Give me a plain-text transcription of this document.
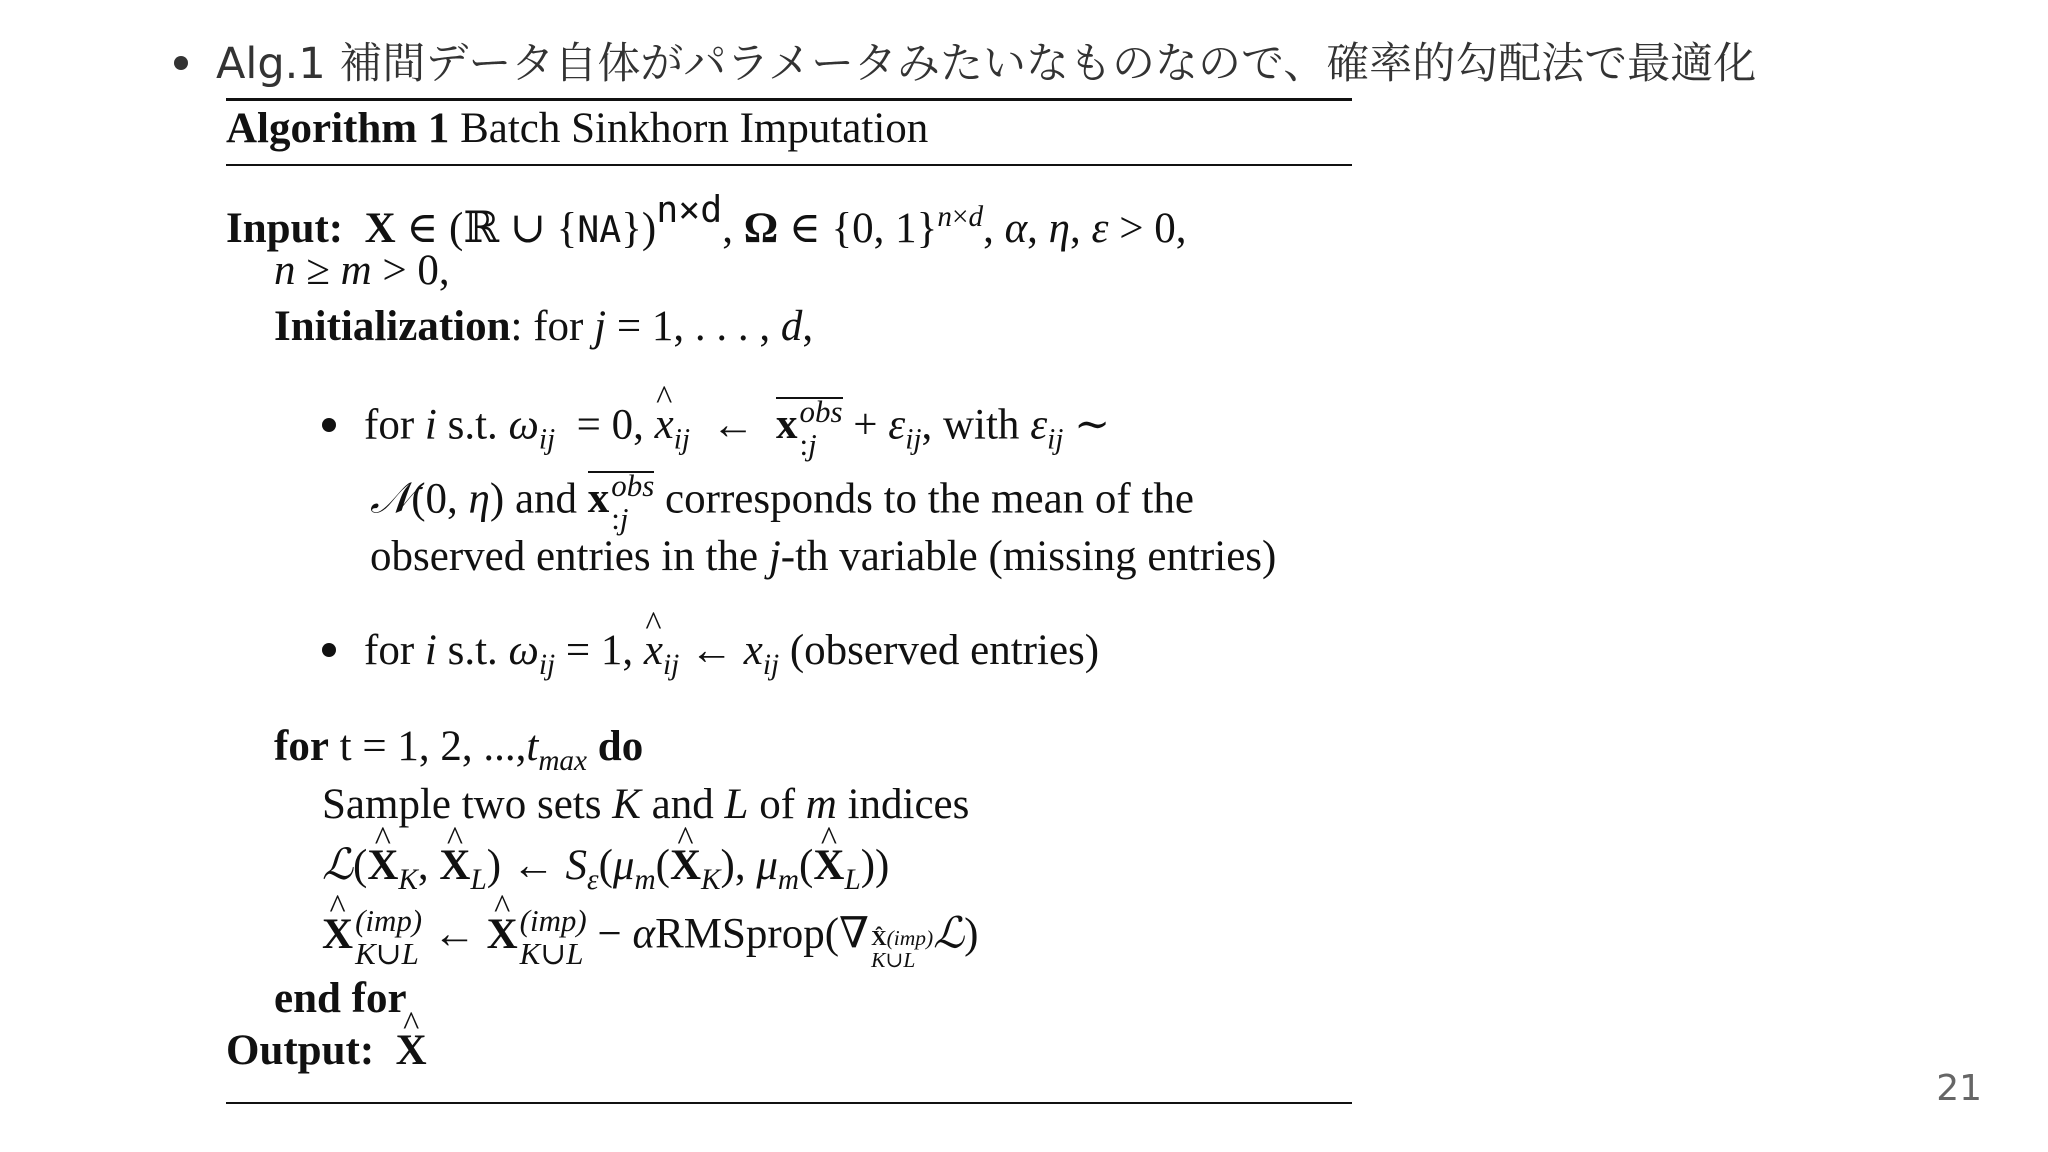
Alg.1 補間データ自体がパラメータみたいなものなので、確率的勾配法で最適化
Algorithm 1 Batch Sinkhorn Imputation
Input: X ∈ (ℝ ∪ {NA})$^{n\times d}$, Ω ∈ {0, 1}$^{n\times d}$, α, η, ε > 0,
n ≥ m > 0,
Initialization: for j = 1, . . . , d,
for i s.t. $\omega_{ij} = 0$, ^ $x_{ij}$  ←  x obs
:j + $\varepsilon_{ij}$, with $\varepsilon_{ij}$ ∼
𝒩(0, η) and x obs
:j corresponds to the mean of the
observed entries in the j-th variable (missing entries)
for i s.t. $\omega_{ij} = 1$, ^ $x_{ij}$ ← $x_{ij}$ (observed entries)
for t = 1, 2, $...,t_{max}$ do
Sample two sets K and L of m indices
ℒ(^ $X_K$, ^ $X_L$) ← $S_\varepsilon(\mu_m(\^{}$ $X_K$), $\mu_m(\^{}$ $X_L$))
^ X (imp)
K∪L ← ^ X (imp)
K∪L − αRMSprop(∇
X̂(imp)
K∪L
ℒ)
end for
Output:  ^ X
21
